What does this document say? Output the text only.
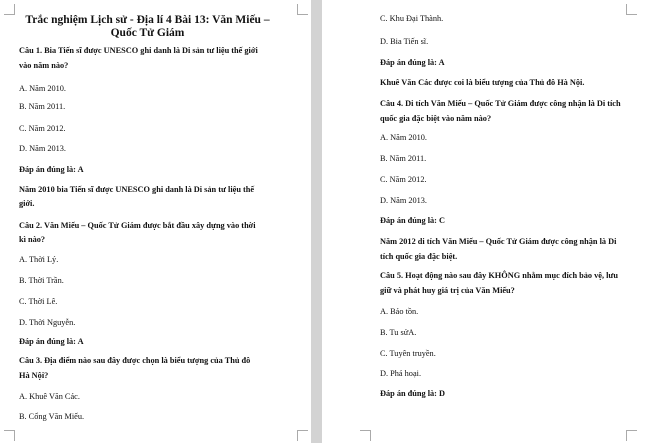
Trắc nghiệm Lịch sử - Địa lí 4 Bài 13: Văn Miếu –
Quốc Tử Giám
Câu 1. Bia Tiến sĩ được UNESCO ghi danh là Di sản tư liệu thế giới
vào năm nào?
A. Năm 2010.
B. Năm 2011.
C. Năm 2012.
D. Năm 2013.
Đáp án đúng là: A
Năm 2010 bia Tiến sĩ được UNESCO ghi danh là Di sản tư liệu thế
giới.
Câu 2. Văn Miếu – Quốc Tử Giám được bắt đầu xây dựng vào thời
kì nào?
A. Thời Lý.
B. Thời Trần.
C. Thời Lê.
D. Thời Nguyễn.
Đáp án đúng là: A
Câu 3. Địa điểm nào sau đây được chọn là biểu tượng của Thủ đô
Hà Nội?
A. Khuê Văn Các.
B. Cổng Văn Miếu.
C. Khu Đại Thành.
D. Bia Tiến sĩ.
Đáp án đúng là: A
Khuê Văn Các được coi là biểu tượng của Thủ đô Hà Nội.
Câu 4. Di tích Văn Miếu – Quốc Tử Giám được công nhận là Di tích
quốc gia đặc biệt vào năm nào?
A. Năm 2010.
B. Năm 2011.
C. Năm 2012.
D. Năm 2013.
Đáp án đúng là: C
Năm 2012 di tích Văn Miếu – Quốc Tử Giám được công nhận là Di
tích quốc gia đặc biệt.
Câu 5. Hoạt động nào sau đây KHÔNG nhằm mục đích bảo vệ, lưu
giữ và phát huy giá trị của Văn Miếu?
A. Bảo tồn.
B. Tu sửA.
C. Tuyên truyền.
D. Phá hoại.
Đáp án đúng là: D
